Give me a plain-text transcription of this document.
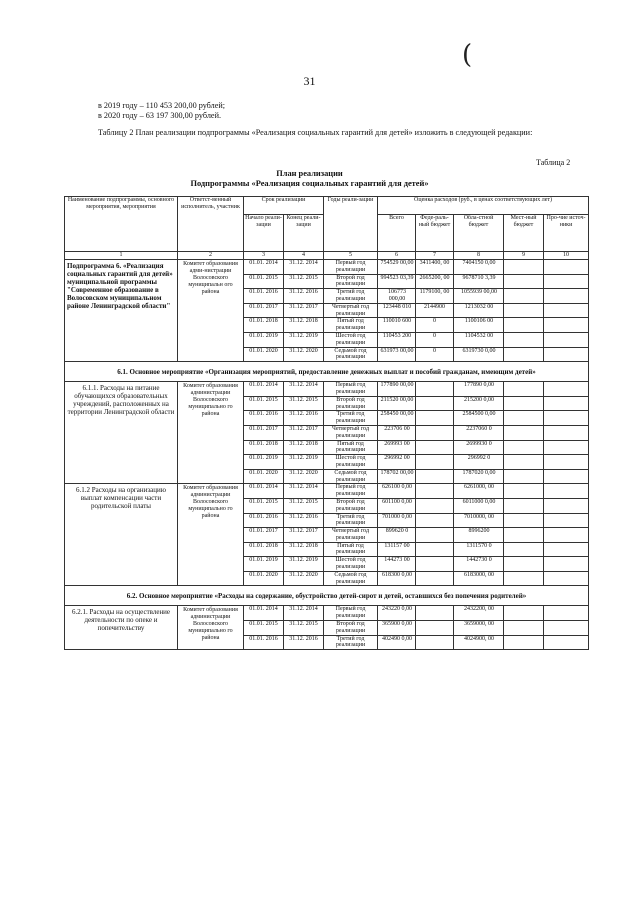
31
(
в 2019 году – 110 453 200,00 рублей;
в 2020 году – 63 197 300,00 рублей.
Таблицу 2 План реализации подпрограммы «Реализация социальных гарантий для детей» изложить в следующей редакции:
Таблица 2
План реализации
Подпрограммы «Реализация социальных гарантий для детей»
Наименование подпрограммы, основного мероприятия, мероприятия	Ответст-венный исполнитель, участник	Срок реализации		Годы реали-зации	Оценка расходов (руб., в ценах соответствующих лет)				
		Начало реали-зации	Конец реали-зации		Всего	Феде-раль-ный бюджет	Обла-стной бюджет	Мест-ный бюджет	Про-чие источ-ники
1	2	3	4	5	6	7	8	9	10
Подпрограмма 6. «Реализация социальных гарантий для детей» муниципальной программы "Современное образование в Волосовском муниципальном районе Ленинградской области"	Комитет образования адми-нистрации Волосовского муниципальн ого района	01.01. 2014	31.12. 2014	Первый год реализации	754529 00,00	3411400, 00	7404150 0,00		
		01.01. 2015	31.12. 2015	Второй год реализации	994523 03,39	2665200, 00	9678710 3,39		
		01.01. 2016	31.12. 2016	Третий год реализации	106773 000,00	1179100, 00	1055939 00,00		
		01.01. 2017	31.12. 2017	Четвертый год реализации	123448 010	2144900	1213032 00		
		01.01. 2018	31.12. 2018	Пятый год реализации	110010 600	0	1100106 00		
		01.01. 2019	31.12. 2019	Шестой год реализации	110453 200	0	1104532 00		
		01.01. 2020	31.12. 2020	Седьмой год реализации	631973 00,00	0	6319730 0,00		
6.1. Основное мероприятие «Организация мероприятий, предоставление денежных выплат и пособий гражданам, имеющим детей»									
6.1.1. Расходы на питание обучающихся образовательных учреждений, расположенных на территории Ленинградской области	Комитет образования администрации Волосовского муниципально го района	01.01. 2014	31.12. 2014	Первый год реализации	177890 00,00		177890 0,00		
		01.01. 2015	31.12. 2015	Второй год реализации	211520 00,00		215200 0,00		
		01.01. 2016	31.12. 2016	Третий год реализации	258450 00,00		2584500 0,00		
		01.01. 2017	31.12. 2017	Четвертый год реализации	223706 00		2237060 0		
		01.01. 2018	31.12. 2018	Пятый год реализации	269993 00		2699930 0		
		01.01. 2019	31.12. 2019	Шестой год реализации	296992 00		296992 0		
		01.01. 2020	31.12. 2020	Седьмой год реализации	178702 00,00		1787020 0,00		
6.1.2 Расходы на организацию выплат компенсации части родительской платы	Комитет образования администрации Волосовского муниципально го района	01.01. 2014	31.12. 2014	Первый год реализации	626100 0,00		6261000, 00		
		01.01. 2015	31.12. 2015	Второй год реализации	601100 0,00		6011000 0,00		
		01.01. 2016	31.12. 2016	Третий год реализации	701000 0,00		7010000, 00		
		01.01. 2017	31.12. 2017	Четвертый год реализации	899620 0		8996200		
		01.01. 2018	31.12. 2018	Пятый год реализации	131157 00		1311570 0		
		01.01. 2019	31.12. 2019	Шестой год реализации	144273 00		1442730 0		
		01.01. 2020	31.12. 2020	Седьмой год реализации	618300 0,00		6183000, 00		
6.2. Основное мероприятие «Расходы на содержание, обустройство детей-сирот и детей, оставшихся без попечения родителей»									
6.2.1. Расходы на осуществление деятельности по опеке и попечительству	Комитет образования администрации Волосовского муниципально го района	01.01. 2014	31.12. 2014	Первый год реализации	243220 0,00		2432200, 00		
		01.01. 2015	31.12. 2015	Второй год реализации	365900 0,00		3659000, 00		
		01.01. 2016	31.12. 2016	Третий год реализации	402490 0,00		4024900, 00		
